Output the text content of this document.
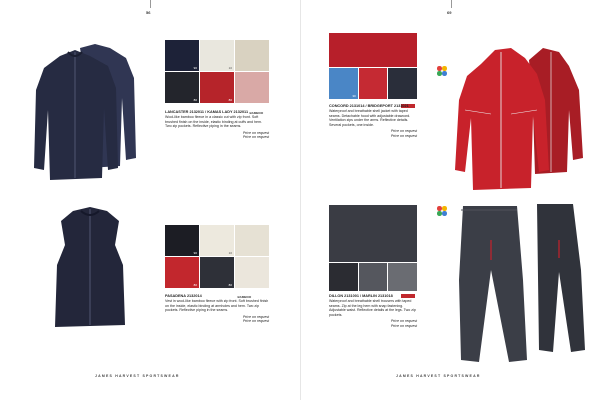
56
90	10
80	80
BAMBOO
LANCASTER 2132011 / KAMAS LADY 2132011
Wool-like bamboo fleece in a classic cut with zip front. Soft brushed finish on the inside, elastic binding at cuffs and hem. Two zip pockets. Reflective piping in the seams.
Price on request
Price on request
90	10
80	80
BAMBOO
PASADENA 2132014
Vest in wool-like bamboo fleece with zip front. Soft brushed finish on the inside, elastic binding at armholes and hem. Two zip pockets. Reflective piping in the seams.
Price on request
Price on request
JAMES HARVEST SPORTSWEAR
69
30
CONCORD 2131014 / BRIDGEPORT 2131021
Waterproof and breathable shell jacket with taped seams. Detachable hood with adjustable drawcord. Ventilation zips under the arms. Reflective details. Several pockets, one inside.
Price on request
Price on request
DILLON 2131001 / MARLIN 2131018
Waterproof and breathable shell trousers with taped seams. Zip at the leg hem with snap fastening. Adjustable waist. Reflective details at the legs. Two zip pockets.
Price on request
Price on request
JAMES HARVEST SPORTSWEAR
